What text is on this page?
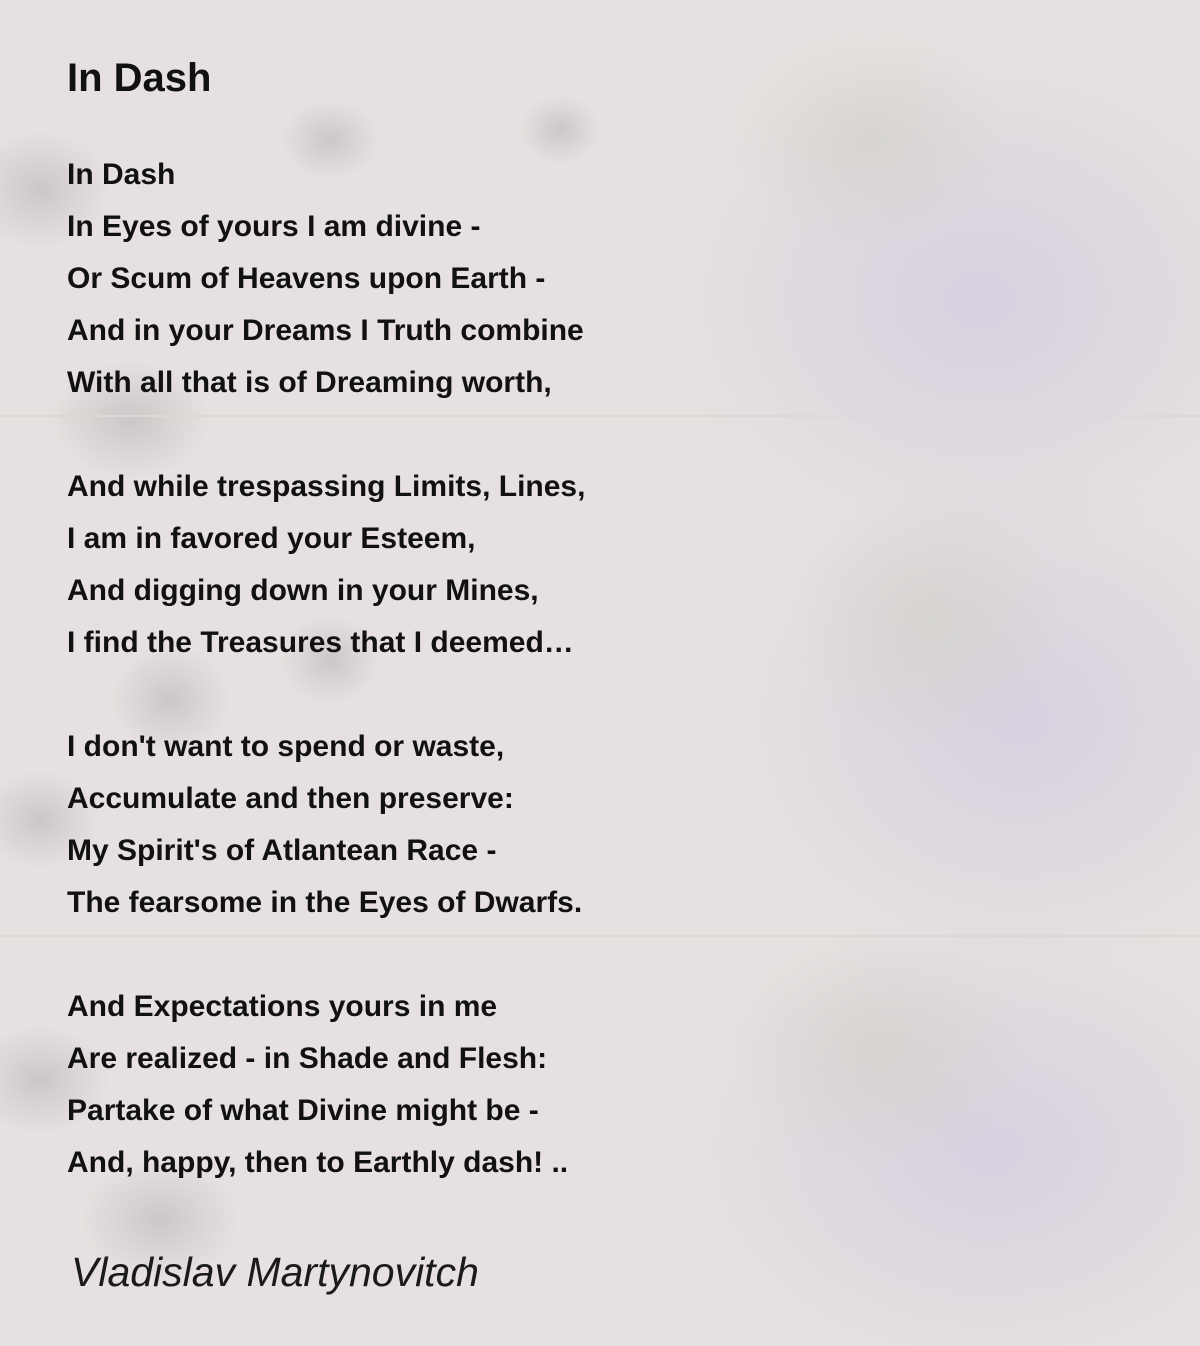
In Dash
In Dash
In Eyes of yours I am divine -
Or Scum of Heavens upon Earth -
And in your Dreams I Truth combine
With all that is of Dreaming worth,
And while trespassing Limits, Lines,
I am in favored your Esteem,
And digging down in your Mines,
I find the Treasures that I deemed…
I don't want to spend or waste,
Accumulate and then preserve:
My Spirit's of Atlantean Race -
The fearsome in the Eyes of Dwarfs.
And Expectations yours in me
Are realized - in Shade and Flesh:
Partake of what Divine might be -
And, happy, then to Earthly dash! ..
Vladislav Martynovitch
